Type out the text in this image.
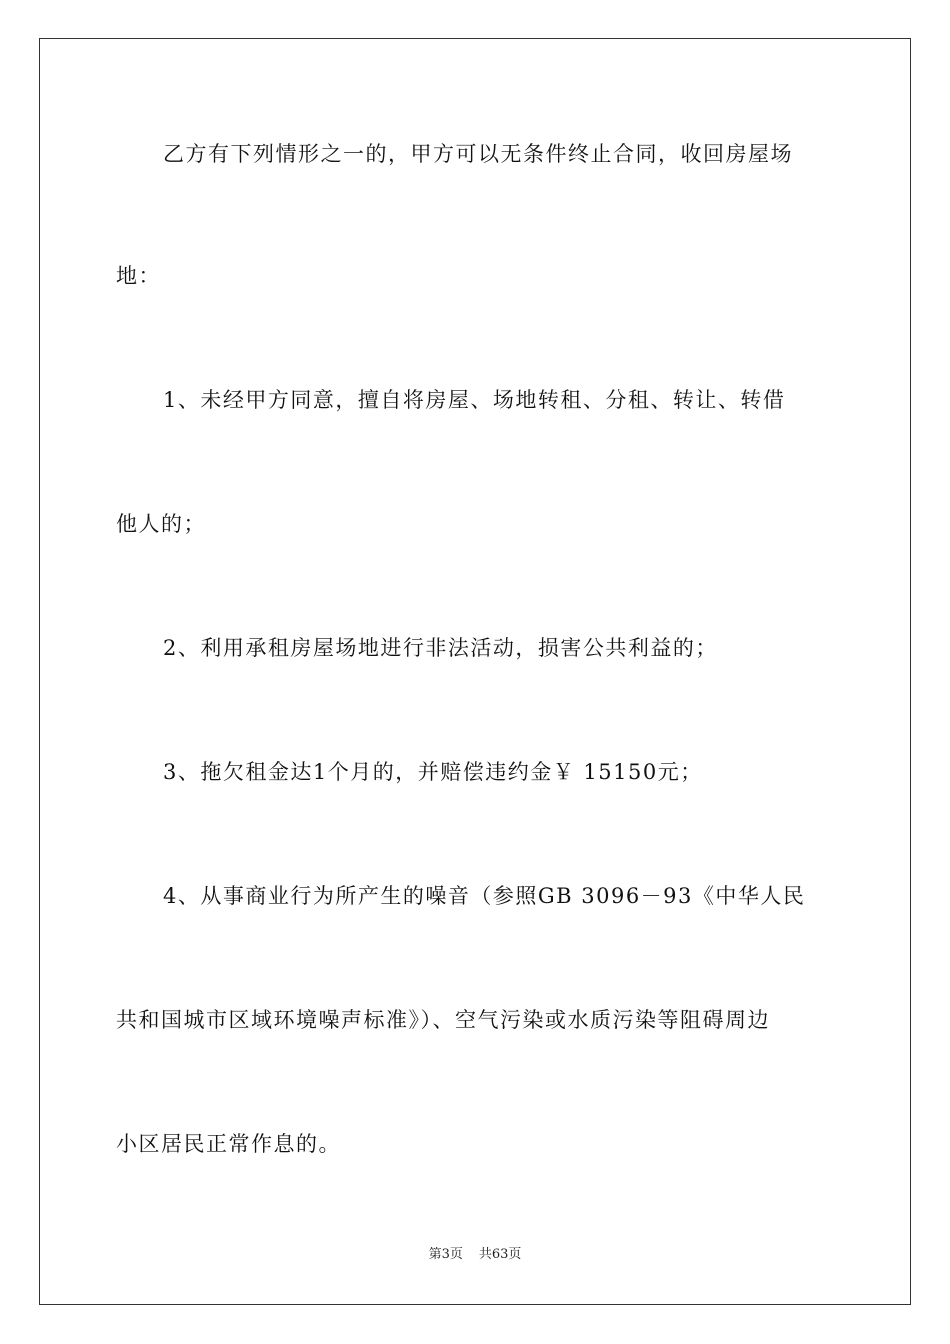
乙方有下列情形之一的，甲方可以无条件终止合同，收回房屋场
地：
1、未经甲方同意，擅自将房屋、场地转租、分租、转让、转借
他人的；
2、利用承租房屋场地进行非法活动，损害公共利益的；
3、拖欠租金达1个月的，并赔偿违约金￥ 15150元；
4、从事商业行为所产生的噪音（参照GB 3096－93《中华人民
共和国城市区域环境噪声标准》）、空气污染或水质污染等阻碍周边
小区居民正常作息的。
第3页 共63页
